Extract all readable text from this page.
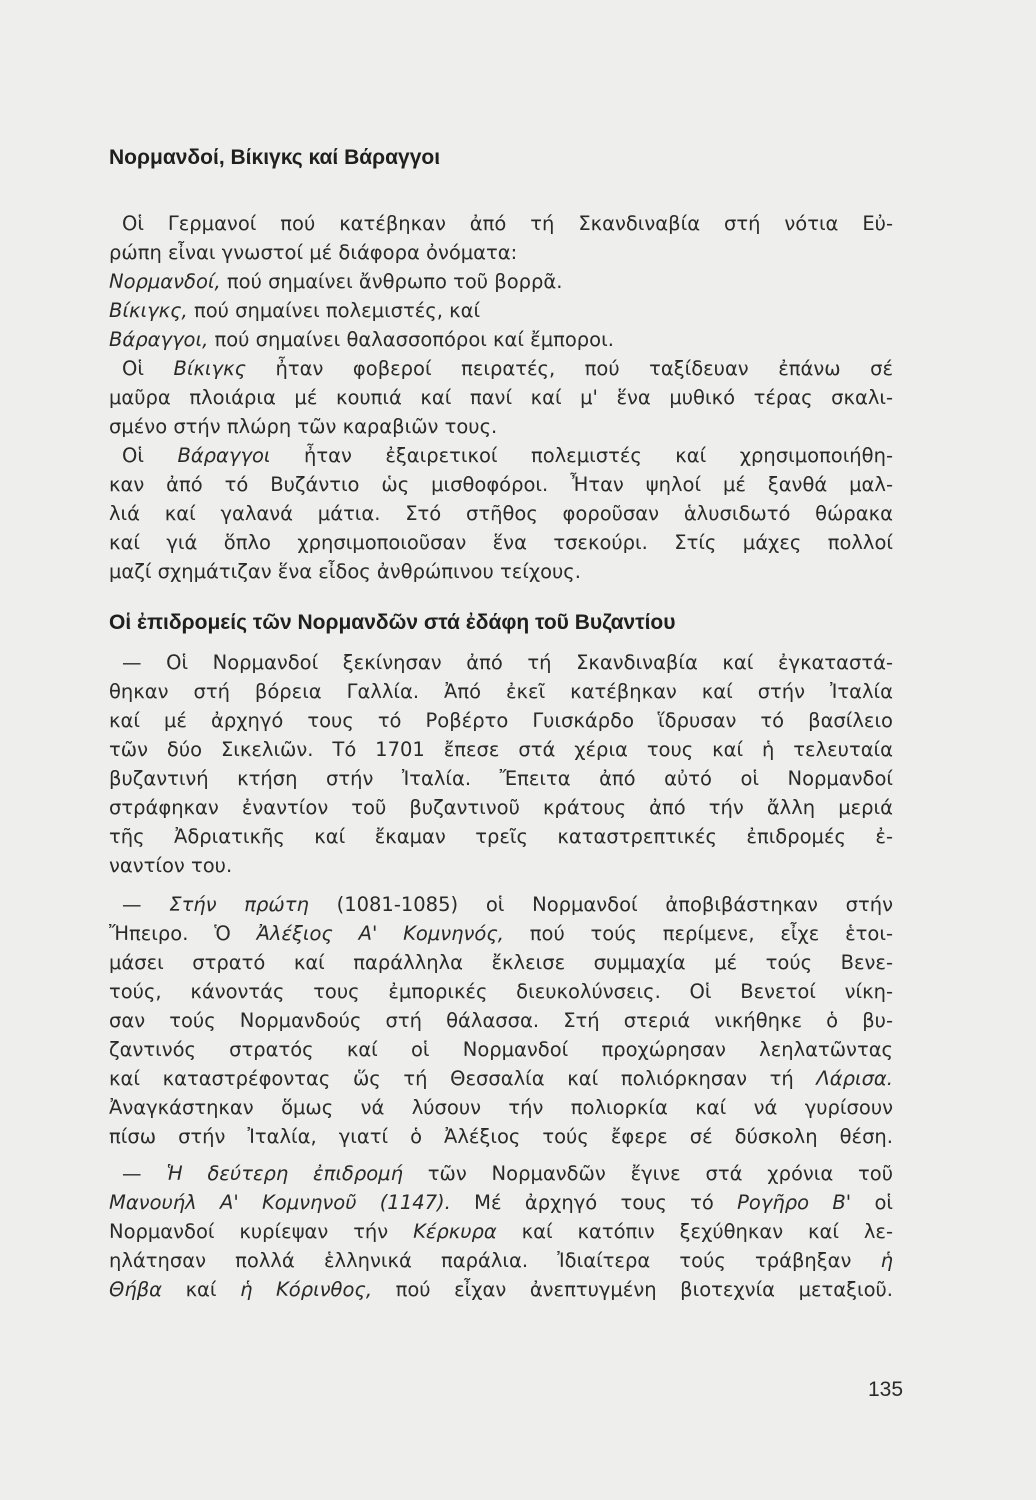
Νορμανδοί, Βίκιγκς καί Βάραγγοι
Οἱ Γερμανοί πού κατέβηκαν ἀπό τή Σκανδιναβία στή νότια Εὐ-
ρώπη εἶναι γνωστοί μέ διάφορα ὀνόματα:
Νορμανδοί, πού σημαίνει ἄνθρωπο τοῦ βορρᾶ.
Βίκιγκς, πού σημαίνει πολεμιστές, καί
Βάραγγοι, πού σημαίνει θαλασσοπόροι καί ἔμποροι.
Οἱ Βίκιγκς ἦταν φοβεροί πειρατές, πού ταξίδευαν ἐπάνω σέ
μαῦρα πλοιάρια μέ κουπιά καί πανί καί μ' ἕνα μυθικό τέρας σκαλι-
σμένο στήν πλώρη τῶν καραβιῶν τους.
Οἱ Βάραγγοι ἦταν ἐξαιρετικοί πολεμιστές καί χρησιμοποιήθη-
καν ἀπό τό Βυζάντιο ὡς μισθοφόροι. Ἦταν ψηλοί μέ ξανθά μαλ-
λιά καί γαλανά μάτια. Στό στῆθος φοροῦσαν ἁλυσιδωτό θώρακα
καί γιά ὅπλο χρησιμοποιοῦσαν ἕνα τσεκούρι. Στίς μάχες πολλοί
μαζί σχημάτιζαν ἕνα εἶδος ἀνθρώπινου τείχους.
Οἱ ἐπιδρομείς τῶν Νορμανδῶν στά ἐδάφη τοῦ Βυζαντίου
— Οἱ Νορμανδοί ξεκίνησαν ἀπό τή Σκανδιναβία καί ἐγκαταστά-
θηκαν στή βόρεια Γαλλία. Ἀπό ἐκεῖ κατέβηκαν καί στήν Ἰταλία
καί μέ ἀρχηγό τους τό Ροβέρτο Γυισκάρδο ἵδρυσαν τό βασίλειο
τῶν δύο Σικελιῶν. Τό 1701 ἔπεσε στά χέρια τους καί ἡ τελευταία
βυζαντινή κτήση στήν Ἰταλία. Ἔπειτα ἀπό αὐτό οἱ Νορμανδοί
στράφηκαν ἐναντίον τοῦ βυζαντινοῦ κράτους ἀπό τήν ἄλλη μεριά
τῆς Ἀδριατικῆς καί ἔκαμαν τρεῖς καταστρεπτικές ἐπιδρομές ἐ-
ναντίον του.
— Στήν πρώτη (1081-1085) οἱ Νορμανδοί ἀποβιβάστηκαν στήν
Ἤπειρο. Ὁ Ἀλέξιος Α' Κομνηνός, πού τούς περίμενε, εἶχε ἑτοι-
μάσει στρατό καί παράλληλα ἔκλεισε συμμαχία μέ τούς Βενε-
τούς, κάνοντάς τους ἐμπορικές διευκολύνσεις. Οἱ Βενετοί νίκη-
σαν τούς Νορμανδούς στή θάλασσα. Στή στεριά νικήθηκε ὁ βυ-
ζαντινός στρατός καί οἱ Νορμανδοί προχώρησαν λεηλατῶντας
καί καταστρέφοντας ὥς τή Θεσσαλία καί πολιόρκησαν τή Λάρισα.
Ἀναγκάστηκαν ὅμως νά λύσουν τήν πολιορκία καί νά γυρίσουν
πίσω στήν Ἰταλία, γιατί ὁ Ἀλέξιος τούς ἔφερε σέ δύσκολη θέση.
— Ἡ δεύτερη ἐπιδρομή τῶν Νορμανδῶν ἔγινε στά χρόνια τοῦ
Μανουήλ Α' Κομνηνοῦ (1147). Μέ ἀρχηγό τους τό Ρογῆρο Β' οἱ
Νορμανδοί κυρίεψαν τήν Κέρκυρα καί κατόπιν ξεχύθηκαν καί λε-
ηλάτησαν πολλά ἑλληνικά παράλια. Ἰδιαίτερα τούς τράβηξαν ἡ
Θήβα καί ἡ Κόρινθος, πού εἶχαν ἀνεπτυγμένη βιοτεχνία μεταξιοῦ.
135
